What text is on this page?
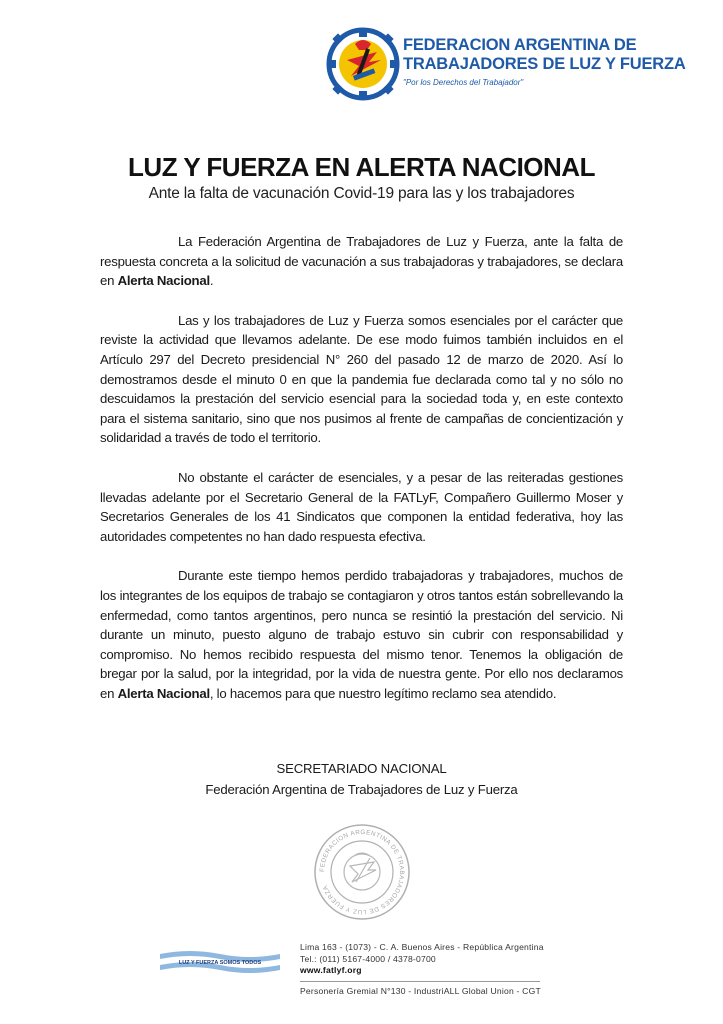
FEDERACION ARGENTINA DE
TRABAJADORES DE LUZ Y FUERZA
"Por los Derechos del Trabajador"
LUZ Y FUERZA EN ALERTA NACIONAL
Ante la falta de vacunación Covid-19 para las y los trabajadores

La Federación Argentina de Trabajadores de Luz y Fuerza, ante la falta de respuesta concreta a la solicitud de vacunación a sus trabajadoras y trabajadores, se declara en Alerta Nacional.

Las y los trabajadores de Luz y Fuerza somos esenciales por el carácter que reviste la actividad que llevamos adelante. De ese modo fuimos también incluidos en el Artículo 297 del Decreto presidencial N° 260 del pasado 12 de marzo de 2020. Así lo demostramos desde el minuto 0 en que la pandemia fue declarada como tal y no sólo no descuidamos la prestación del servicio esencial para la sociedad toda y, en este contexto para el sistema sanitario, sino que nos pusimos al frente de campañas de concientización y solidaridad a través de todo el territorio.

No obstante el carácter de esenciales, y a pesar de las reiteradas gestiones llevadas adelante por el Secretario General de la FATLyF, Compañero Guillermo Moser y Secretarios Generales de los 41 Sindicatos que componen la entidad federativa, hoy las autoridades competentes no han dado respuesta efectiva.

Durante este tiempo hemos perdido trabajadoras y trabajadores, muchos de los integrantes de los equipos de trabajo se contagiaron y otros tantos están sobrellevando la enfermedad, como tantos argentinos, pero nunca se resintió la prestación del servicio. Ni durante un minuto, puesto alguno de trabajo estuvo sin cubrir con responsabilidad y compromiso. No hemos recibido respuesta del mismo tenor. Tenemos la obligación de bregar por la salud, por la integridad, por la vida de nuestra gente. Por ello nos declaramos en Alerta Nacional, lo hacemos para que nuestro legítimo reclamo sea atendido.

SECRETARIADO NACIONAL
Federación Argentina de Trabajadores de Luz y Fuerza
FEDERACION ARGENTINA DE TRABAJADORES DE LUZ Y FUERZA
LUZ Y FUERZA SOMOS TODOS
Lima 163 - (1073) - C. A. Buenos Aires - República Argentina
Tel.: (011) 5167-4000 / 4378-0700
www.fatlyf.org
Personería Gremial N°130 - IndustriALL Global Union - CGT
